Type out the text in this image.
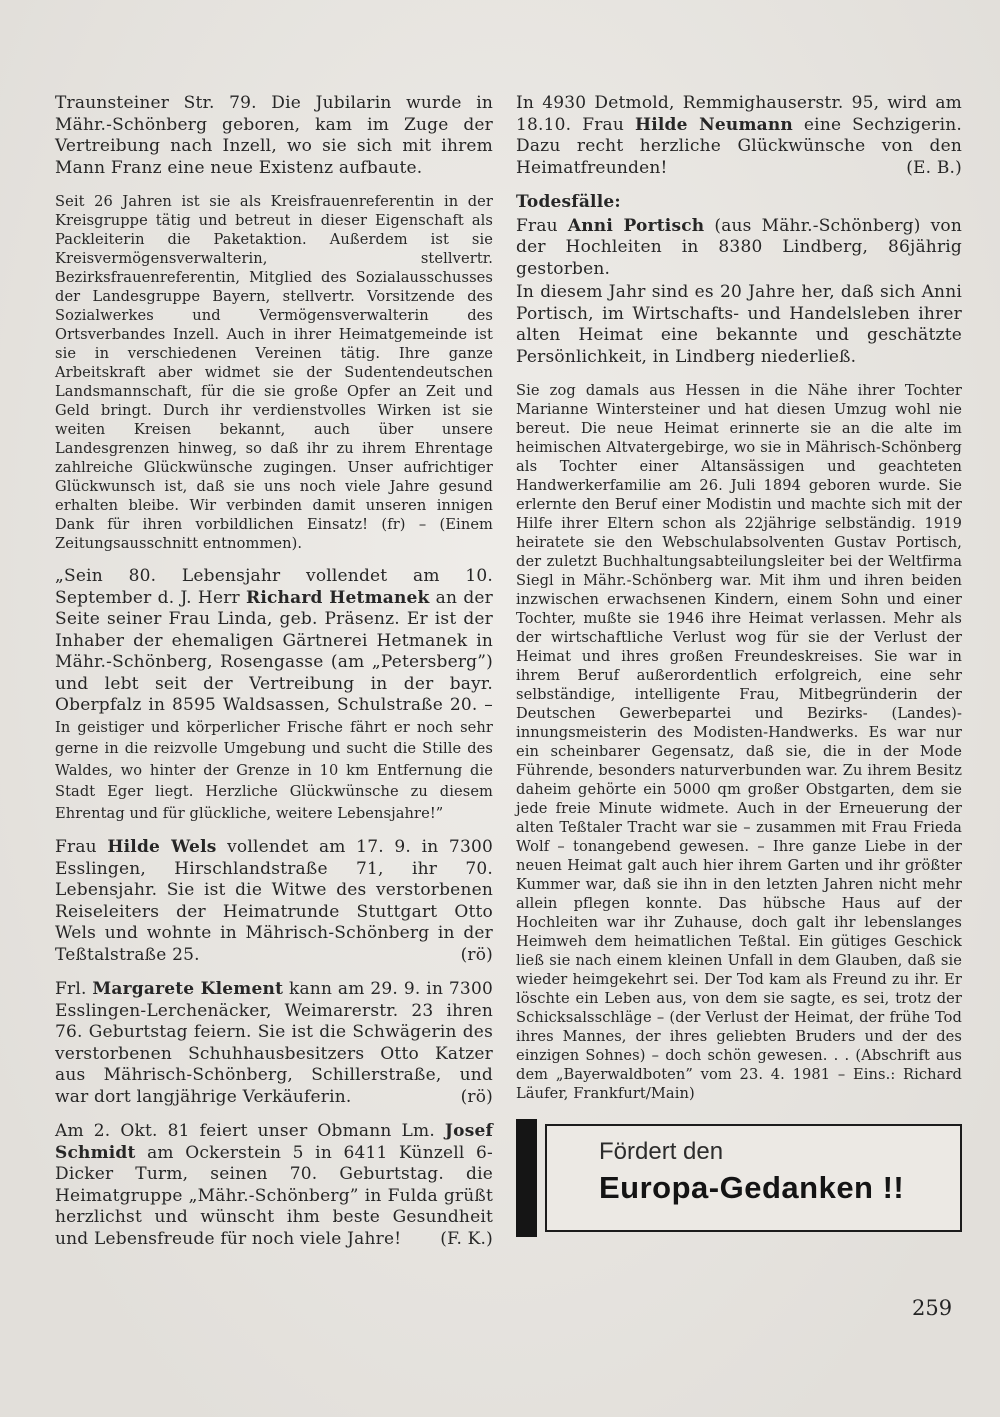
Traunsteiner Str. 79. Die Jubilarin wurde in Mähr.-Schönberg geboren, kam im Zuge der Vertreibung nach Inzell, wo sie sich mit ihrem Mann Franz eine neue Existenz aufbaute.

Seit 26 Jahren ist sie als Kreisfrauenreferentin in der Kreisgruppe tätig und betreut in dieser Eigenschaft als Packleiterin die Paketaktion. Außerdem ist sie Kreisvermögensverwalterin, stellvertr. Bezirksfrauenreferentin, Mitglied des Sozialausschusses der Landesgruppe Bayern, stellvertr. Vorsitzende des Sozialwerkes und Vermögensverwalterin des Ortsverbandes Inzell. Auch in ihrer Heimatgemeinde ist sie in verschiedenen Vereinen tätig. Ihre ganze Arbeitskraft aber widmet sie der Sudentendeutschen Landsmannschaft, für die sie große Opfer an Zeit und Geld bringt. Durch ihr verdienstvolles Wirken ist sie weiten Kreisen bekannt, auch über unsere Landesgrenzen hinweg, so daß ihr zu ihrem Ehrentage zahlreiche Glückwünsche zugingen. Unser aufrichtiger Glückwunsch ist, daß sie uns noch viele Jahre gesund erhalten bleibe. Wir verbinden damit unseren innigen Dank für ihren vorbildlichen Einsatz! (fr) – (Einem Zeitungsausschnitt entnommen).

„Sein 80. Lebensjahr vollendet am 10. September d. J. Herr Richard Hetmanek an der Seite seiner Frau Linda, geb. Präsenz. Er ist der Inhaber der ehemaligen Gärtnerei Hetmanek in Mähr.-Schönberg, Rosengasse (am „Petersberg”) und lebt seit der Vertreibung in der bayr. Oberpfalz in 8595 Waldsassen, Schulstraße 20. – In geistiger und körperlicher Frische fährt er noch sehr gerne in die reizvolle Umgebung und sucht die Stille des Waldes, wo hinter der Grenze in 10 km Entfernung die Stadt Eger liegt. Herzliche Glückwünsche zu diesem Ehrentag und für glückliche, weitere Lebensjahre!”

Frau Hilde Wels vollendet am 17. 9. in 7300 Esslingen, Hirschlandstraße 71, ihr 70. Lebensjahr. Sie ist die Witwe des verstorbenen Reiseleiters der Heimatrunde Stuttgart Otto Wels und wohnte in Mährisch-Schönberg in der Teßtalstraße 25.	(rö)

Frl. Margarete Klement kann am 29. 9. in 7300 Esslingen-Lerchenäcker, Weimarerstr. 23 ihren 76. Geburtstag feiern. Sie ist die Schwägerin des verstorbenen Schuhhausbesitzers Otto Katzer aus Mährisch-Schönberg, Schillerstraße, und war dort langjährige Verkäuferin.	(rö)

Am 2. Okt. 81 feiert unser Obmann Lm. Josef Schmidt am Ockerstein 5 in 6411 Künzell 6-Dicker Turm, seinen 70. Geburtstag. die Heimatgruppe „Mähr.-Schönberg” in Fulda grüßt herzlichst und wünscht ihm beste Gesundheit und Lebensfreude für noch viele Jahre! (F. K.)

In 4930 Detmold, Remmighauserstr. 95, wird am 18.10. Frau Hilde Neumann eine Sechzigerin. Dazu recht herzliche Glückwünsche von den Heimatfreunden!	(E. B.)

Todesfälle:

Frau Anni Portisch (aus Mähr.-Schönberg) von der Hochleiten in 8380 Lindberg, 86jährig gestorben.

In diesem Jahr sind es 20 Jahre her, daß sich Anni Portisch, im Wirtschafts- und Handelsleben ihrer alten Heimat eine bekannte und geschätzte Persönlichkeit, in Lindberg niederließ.

Sie zog damals aus Hessen in die Nähe ihrer Tochter Marianne Wintersteiner und hat diesen Umzug wohl nie bereut. Die neue Heimat erinnerte sie an die alte im heimischen Altvatergebirge, wo sie in Mährisch-Schönberg als Tochter einer Altansässigen und geachteten Handwerkerfamilie am 26. Juli 1894 geboren wurde. Sie erlernte den Beruf einer Modistin und machte sich mit der Hilfe ihrer Eltern schon als 22jährige selbständig. 1919 heiratete sie den Webschulabsolventen Gustav Portisch, der zuletzt Buchhaltungsabteilungsleiter bei der Weltfirma Siegl in Mähr.-Schönberg war. Mit ihm und ihren beiden inzwischen erwachsenen Kindern, einem Sohn und einer Tochter, mußte sie 1946 ihre Heimat verlassen. Mehr als der wirtschaftliche Verlust wog für sie der Verlust der Heimat und ihres großen Freundeskreises. Sie war in ihrem Beruf außerordentlich erfolgreich, eine sehr selbständige, intelligente Frau, Mitbegründerin der Deutschen Gewerbepartei und Bezirks- (Landes)-innungsmeisterin des Modisten-Handwerks. Es war nur ein scheinbarer Gegensatz, daß sie, die in der Mode Führende, besonders naturverbunden war. Zu ihrem Besitz daheim gehörte ein 5000 qm großer Obstgarten, dem sie jede freie Minute widmete. Auch in der Erneuerung der alten Teßtaler Tracht war sie – zusammen mit Frau Frieda Wolf – tonangebend gewesen. – Ihre ganze Liebe in der neuen Heimat galt auch hier ihrem Garten und ihr größter Kummer war, daß sie ihn in den letzten Jahren nicht mehr allein pflegen konnte. Das hübsche Haus auf der Hochleiten war ihr Zuhause, doch galt ihr lebenslanges Heimweh dem heimatlichen Teßtal. Ein gütiges Geschick ließ sie nach einem kleinen Unfall in dem Glauben, daß sie wieder heimgekehrt sei. Der Tod kam als Freund zu ihr. Er löschte ein Leben aus, von dem sie sagte, es sei, trotz der Schicksalsschläge – (der Verlust der Heimat, der frühe Tod ihres Mannes, der ihres geliebten Bruders und der des einzigen Sohnes) – doch schön gewesen. . . (Abschrift aus dem „Bayerwaldboten” vom 23. 4. 1981 – Eins.: Richard Läufer, Frankfurt/Main)

Fördert den
Europa-Gedanken !!
259
